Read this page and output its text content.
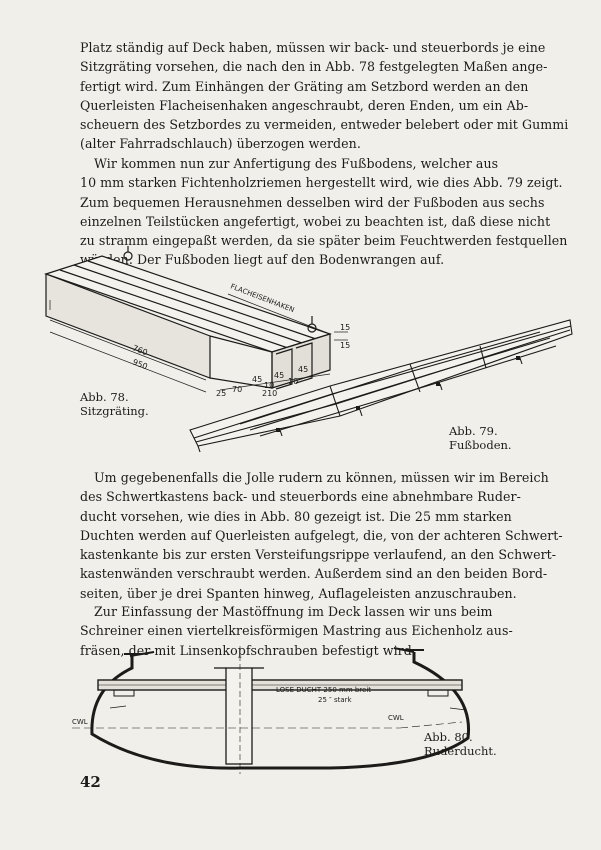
Platz ständig auf Deck haben, müssen wir back- und steuerbords je eine
Sitzgräting vorsehen, die nach den in Abb. 78 festgelegten Maßen ange-
fertigt wird. Zum Einhängen der Gräting am Setzbord werden an den
Querleisten Flacheisenhaken angeschraubt, deren Enden, um ein Ab-
scheuern des Setzbordes zu vermeiden, entweder belebert oder mit Gummi
(alter Fahrradschlauch) überzogen werden.

Wir kommen nun zur Anfertigung des Fußbodens, welcher aus
10 mm starken Fichtenholzriemen hergestellt wird, wie dies Abb. 79 zeigt.
Zum bequemen Herausnehmen desselben wird der Fußboden aus sechs
einzelnen Teilstücken angefertigt, wobei zu beachten ist, daß diese nicht
zu stramm eingepaßt werden, da sie später beim Feuchtwerden festquellen
würden. Der Fußboden liegt auf den Bodenwrangen auf.

FLACHEISENHAKEN
760
950
210
25 70
45 45
45
10 10
15
15

Abb. 78.
Sitzgräting.

Abb. 79.
Fußboden.

Um gegebenenfalls die Jolle rudern zu können, müssen wir im Bereich
des Schwertkastens back- und steuerbords eine abnehmbare Ruder-
ducht vorsehen, wie dies in Abb. 80 gezeigt ist. Die 25 mm starken
Duchten werden auf Querleisten aufgelegt, die, von der achteren Schwert-
kastenkante bis zur ersten Versteifungsrippe verlaufend, an den Schwert-
kastenwänden verschraubt werden. Außerdem sind an den beiden Bord-
seiten, über je drei Spanten hinweg, Auflageleisten anzuschrauben.

Zur Einfassung der Mastöffnung im Deck lassen wir uns beim
Schreiner einen viertelkreisförmigen Mastring aus Eichenholz aus-
fräsen, der mit Linsenkopfschrauben befestigt wird.

LOSE DUCHT 250 mm breit
25 ″ stark
CWL	CWL

Abb. 80.
Ruderducht.

42
